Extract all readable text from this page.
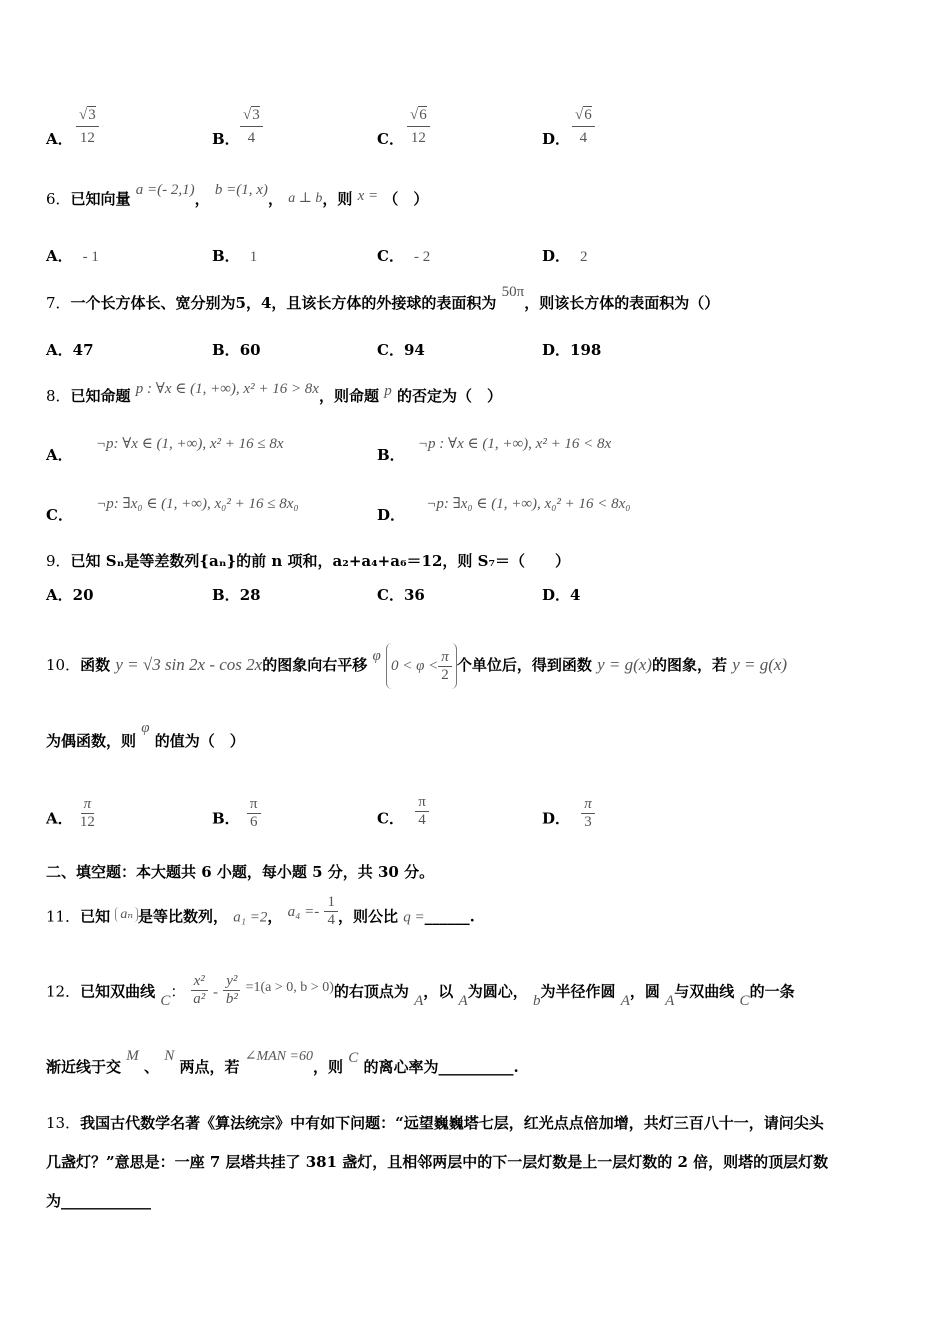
A． $\frac{√3}{12}$	B． $\frac{√3}{4}$	C． $\frac{√6}{12}$	D． $\frac{√6}{4}$
6．已知向量 a =(- 2,1)， b =(1, x)， a ⊥ b，则 x = （　）
A． - 1	B． 1	C． - 2	D． 2
7．一个长方体长、宽分别为5，4，且该长方体的外接球的表面积为 50π，则该长方体的表面积为（）
A．47	B．60	C．94	D．198
8．已知命题 p : ∀x ∈ (1, +∞), x² + 16 > 8x，则命题 p 的否定为（　）
A． ¬p: ∀x ∈ (1, +∞), x² + 16 ≤ 8x
B． ¬p : ∀x ∈ (1, +∞), x² + 16 < 8x
C． ¬p: ∃x₀ ∈ (1, +∞), x₀² + 16 ≤ 8x₀
D． ¬p: ∃x₀ ∈ (1, +∞), x₀² + 16 < 8x₀
9．已知 Sₙ是等差数列{aₙ}的前 n 项和，a₂+a₄+a₆＝12，则 S₇＝（　　）
A．20	B．28	C．36	D．4
10．函数 y = √3 sin 2x - cos 2x的图象向右平移 φ
$0 < \varphi < \frac{\pi}{2}$ 个单位后，得到函数 y = g(x)的图象，若 y = g(x)
为偶函数，则 φ 的值为（　）
A． $\frac{\pi}{12}$	B． $\frac{\pi}{6}$	C． $\frac{\pi}{4}$	D． $\frac{\pi}{3}$
二、填空题：本大题共 6 小题，每小题 5 分，共 30 分。
11．已知 aₙ 是等比数列， a₁ =2， $a_4 =- \frac{1}{4}$ ，则公比 q =______.
12．已知双曲线 C： $\frac{\text{x²}}{\text{a²}} - \frac{\text{y²}}{\text{b²}} =1(a > 0$, b > 0)的右顶点为 A，以 A为圆心， b为半径作圆 A，圆 A与双曲线 C的一条
渐近线于交 M 、 N 两点，若 ∠MAN =60，则 C 的离心率为__________.
13．我国古代数学名著《算法统宗》中有如下问题：“远望巍巍塔七层，红光点点倍加增，共灯三百八十一，请问尖头
几盏灯？”意思是：一座 7 层塔共挂了 381 盏灯，且相邻两层中的下一层灯数是上一层灯数的 2 倍，则塔的顶层灯数
为____________
